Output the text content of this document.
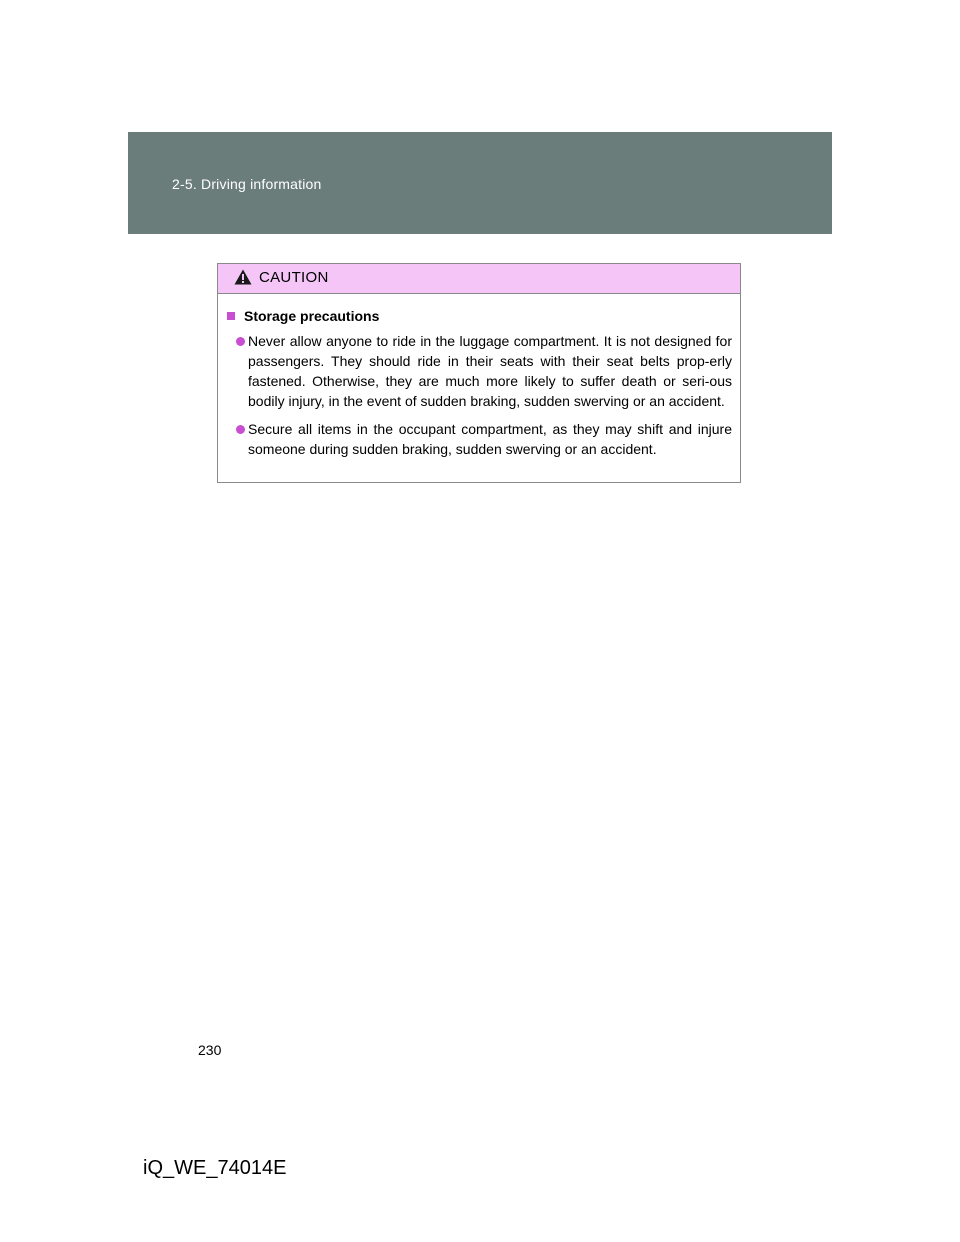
2-5. Driving information
CAUTION
Storage precautions
Never allow anyone to ride in the luggage compartment. It is not designed for passengers. They should ride in their seats with their seat belts prop-erly fastened. Otherwise, they are much more likely to suffer death or seri-ous bodily injury, in the event of sudden braking, sudden swerving or an accident.
Secure all items in the occupant compartment, as they may shift and injure someone during sudden braking, sudden swerving or an accident.
230
iQ_WE_74014E
